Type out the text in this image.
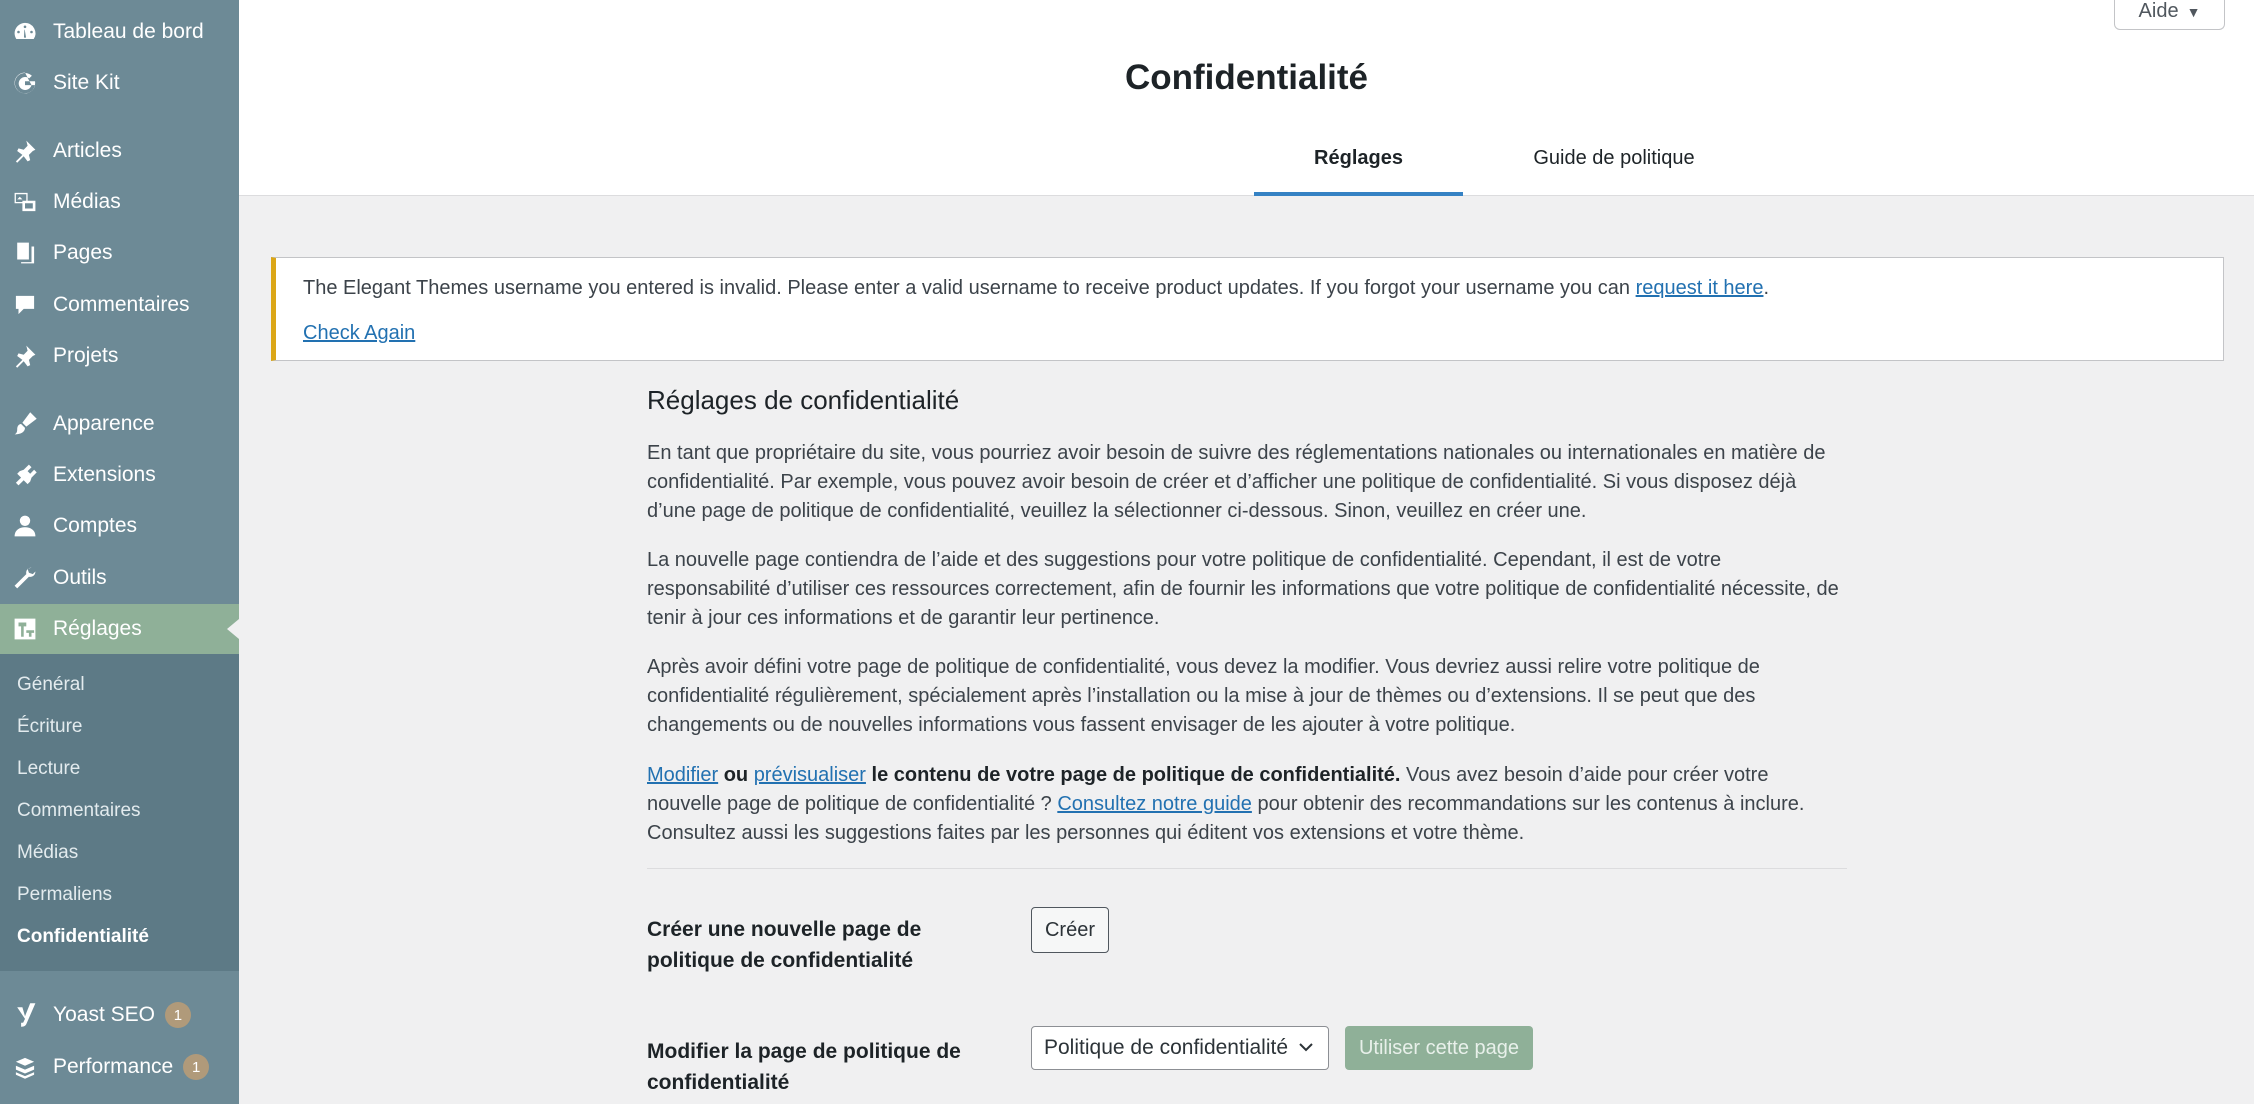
Tableau de bord
Site Kit
Articles
Médias
Pages
Commentaires
Projets
Apparence
Extensions
Comptes
Outils
Réglages
Général
Écriture
Lecture
Commentaires
Médias
Permaliens
Confidentialité
Yoast SEO	1
Performance	1
Confidentialité
Réglages	Guide de politique
Aide ▼
The Elegant Themes username you entered is invalid. Please enter a valid username to receive product updates. If you forgot your username you can request it here.
Check Again
Réglages de confidentialité

En tant que propriétaire du site, vous pourriez avoir besoin de suivre des réglementations nationales ou internationales en matière de confidentialité. Par exemple, vous pouvez avoir besoin de créer et d’afficher une politique de confidentialité. Si vous disposez déjà d’une page de politique de confidentialité, veuillez la sélectionner ci-dessous. Sinon, veuillez en créer une.

La nouvelle page contiendra de l’aide et des suggestions pour votre politique de confidentialité. Cependant, il est de votre responsabilité d’utiliser ces ressources correctement, afin de fournir les informations que votre politique de confidentialité nécessite, de tenir à jour ces informations et de garantir leur pertinence.

Après avoir défini votre page de politique de confidentialité, vous devez la modifier. Vous devriez aussi relire votre politique de confidentialité régulièrement, spécialement après l’installation ou la mise à jour de thèmes ou d’extensions. Il se peut que des changements ou de nouvelles informations vous fassent envisager de les ajouter à votre politique.

Modifier ou prévisualiser le contenu de votre page de politique de confidentialité. Vous avez besoin d’aide pour créer votre nouvelle page de politique de confidentialité ? Consultez notre guide pour obtenir des recommandations sur les contenus à inclure. Consultez aussi les suggestions faites par les personnes qui éditent vos extensions et votre thème.

Créer une nouvelle page de politique de confidentialité
Créer
Modifier la page de politique de confidentialité
Politique de confidentialité	Utiliser cette page
